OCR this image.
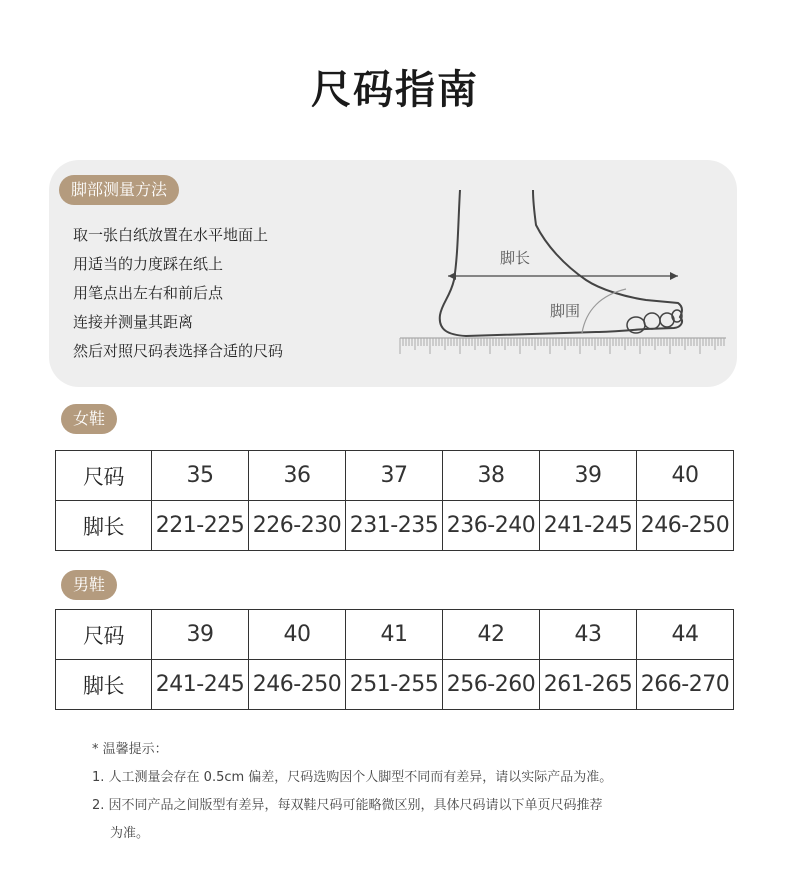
尺码指南
脚部测量方法
取一张白纸放置在水平地面上
用适当的力度踩在纸上
用笔点出左右和前后点
连接并测量其距离
然后对照尺码表选择合适的尺码
脚长
脚围
女鞋
尺码	35	36	37	38	39	40
脚长	221-225	226-230	231-235	236-240	241-245	246-250
男鞋
尺码	39	40	41	42	43	44
脚长	241-245	246-250	251-255	256-260	261-265	266-270
* 温馨提示：
1. 人工测量会存在 0.5cm 偏差，尺码选购因个人脚型不同而有差异，请以实际产品为准。
2. 因不同产品之间版型有差异，每双鞋尺码可能略微区别，具体尺码请以下单页尺码推荐
为准。
